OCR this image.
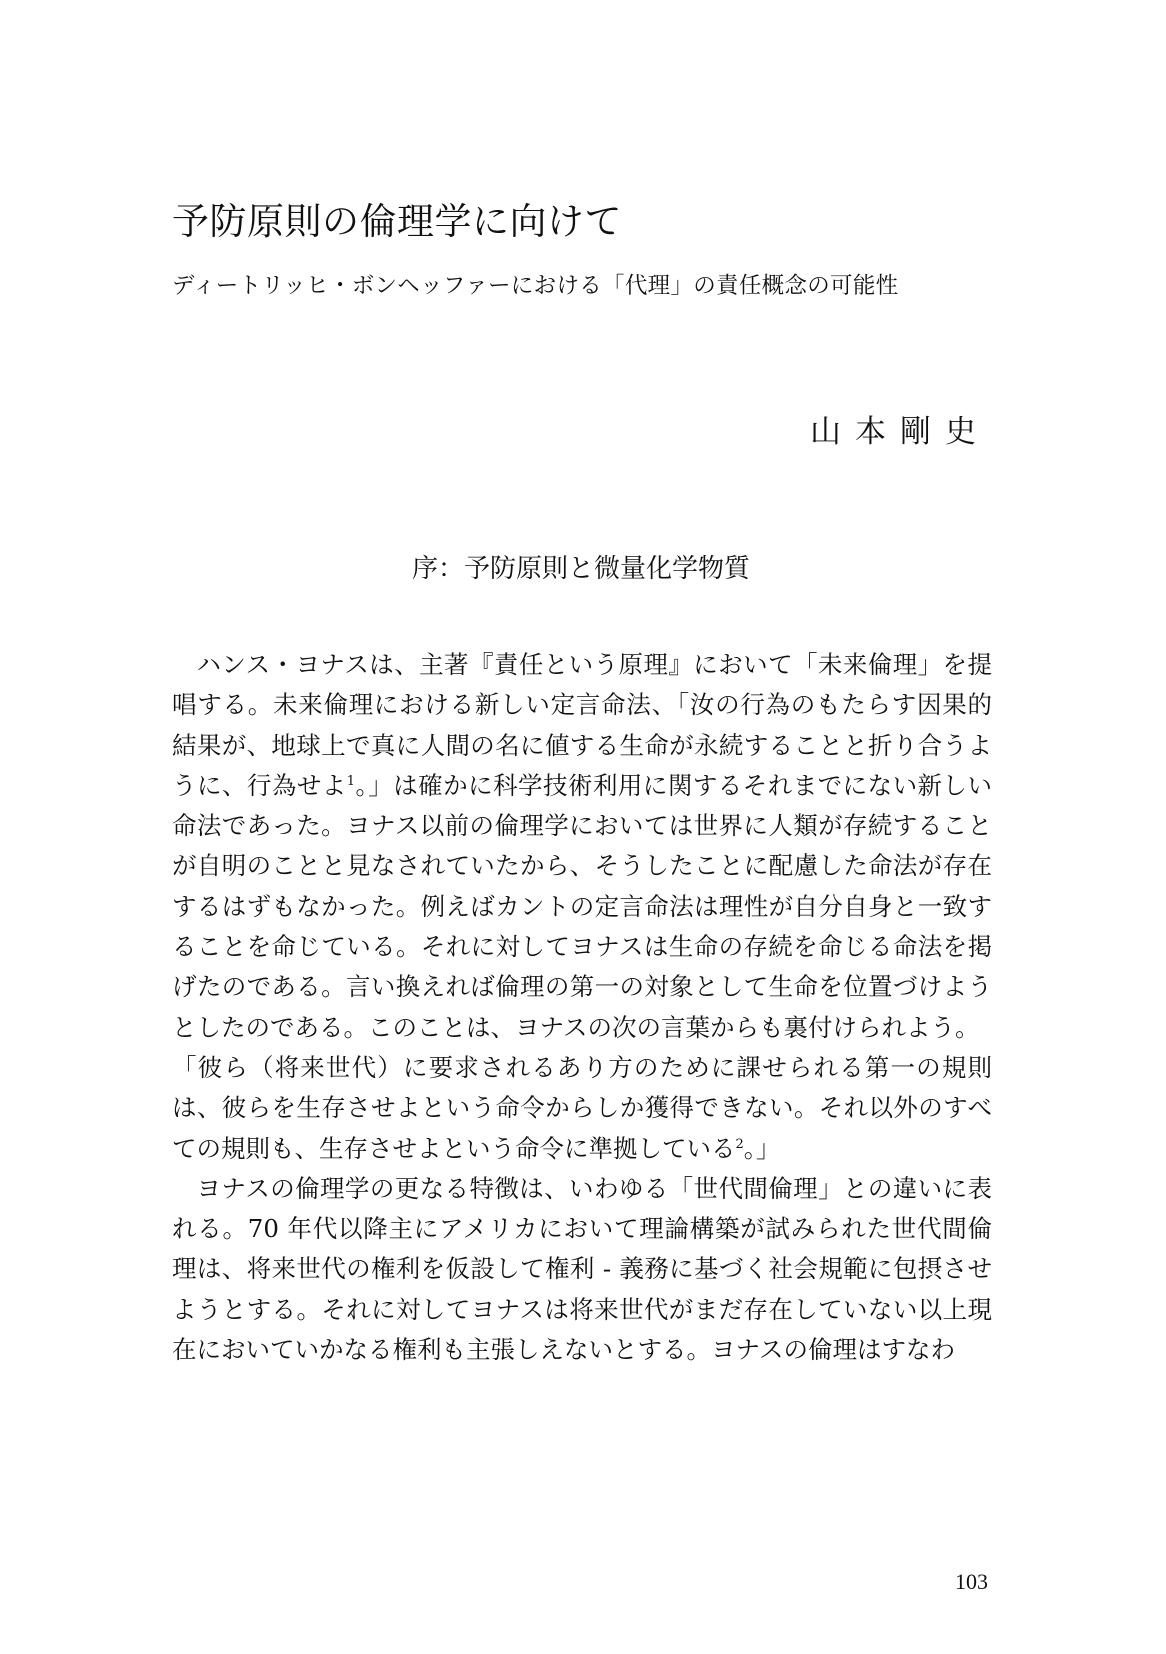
予防原則の倫理学に向けて
ディートリッヒ・ボンヘッファーにおける「代理」の責任概念の可能性
山本剛史
序：予防原則と微量化学物質

ハンス・ヨナスは、主著『責任という原理』において「未来倫理」を提唱する。未来倫理における新しい定言命法、「汝の行為のもたらす因果的結果が、地球上で真に人間の名に値する生命が永続することと折り合うように、行為せよ$^1$。」は確かに科学技術利用に関するそれまでにない新しい命法であった。ヨナス以前の倫理学においては世界に人類が存続することが自明のことと見なされていたから、そうしたことに配慮した命法が存在するはずもなかった。例えばカントの定言命法は理性が自分自身と一致することを命じている。それに対してヨナスは生命の存続を命じる命法を掲げたのである。言い換えれば倫理の第一の対象として生命を位置づけようとしたのである。このことは、ヨナスの次の言葉からも裏付けられよう。

「彼ら（将来世代）に要求されるあり方のために課せられる第一の規則は、彼らを生存させよという命令からしか獲得できない。それ以外のすべての規則も、生存させよという命令に準拠している$^2$。」

ヨナスの倫理学の更なる特徴は、いわゆる「世代間倫理」との違いに表れる。70 年代以降主にアメリカにおいて理論構築が試みられた世代間倫理は、将来世代の権利を仮設して権利 - 義務に基づく社会規範に包摂させようとする。それに対してヨナスは将来世代がまだ存在していない以上現在においていかなる権利も主張しえないとする。ヨナスの倫理はすなわ

103
